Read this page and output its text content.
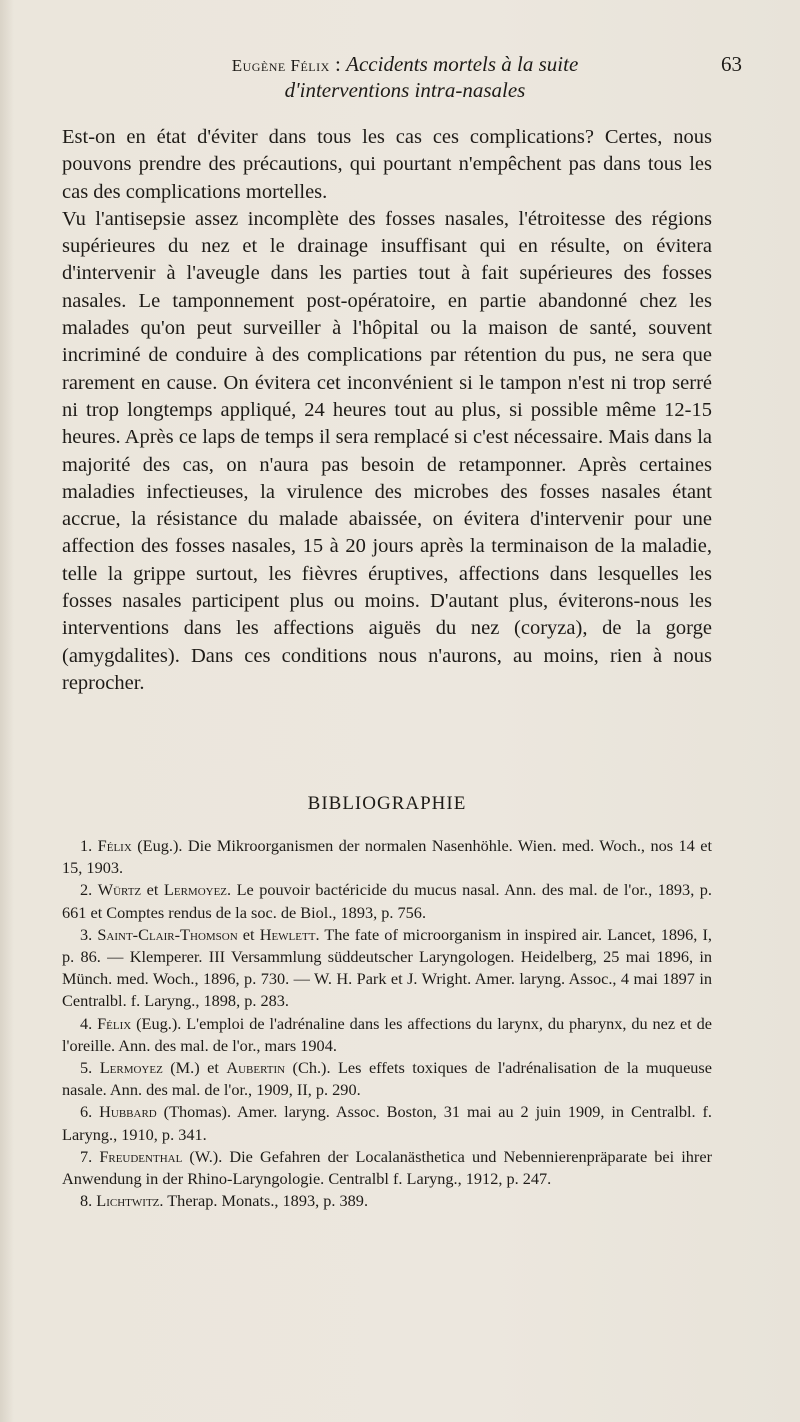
Eugène Félix : Accidents mortels à la suite	63
d'interventions intra-nasales

Est-on en état d'éviter dans tous les cas ces complications? Certes, nous pouvons prendre des précautions, qui pourtant n'empêchent pas dans tous les cas des complications mortelles.

Vu l'antisepsie assez incomplète des fosses nasales, l'étroitesse des régions supérieures du nez et le drainage insuffisant qui en résulte, on évitera d'intervenir à l'aveugle dans les parties tout à fait supérieures des fosses nasales. Le tamponnement post-opératoire, en partie abandonné chez les malades qu'on peut surveiller à l'hôpital ou la maison de santé, souvent incriminé de conduire à des complications par rétention du pus, ne sera que rarement en cause. On évitera cet inconvénient si le tampon n'est ni trop serré ni trop longtemps appliqué, 24 heures tout au plus, si possible même 12-15 heures. Après ce laps de temps il sera remplacé si c'est nécessaire. Mais dans la majorité des cas, on n'aura pas besoin de retamponner. Après certaines maladies infectieuses, la virulence des microbes des fosses nasales étant accrue, la résistance du malade abaissée, on évitera d'intervenir pour une affection des fosses nasales, 15 à 20 jours après la terminaison de la maladie, telle la grippe surtout, les fièvres éruptives, affections dans lesquelles les fosses nasales participent plus ou moins. D'autant plus, éviterons-nous les interventions dans les affections aiguës du nez (coryza), de la gorge (amygdalites). Dans ces conditions nous n'aurons, au moins, rien à nous reprocher.

BIBLIOGRAPHIE
1. Félix (Eug.). Die Mikroorganismen der normalen Nasenhöhle. Wien. med. Woch., nos 14 et 15, 1903.
2. Würtz et Lermoyez. Le pouvoir bactéricide du mucus nasal. Ann. des mal. de l'or., 1893, p. 661 et Comptes rendus de la soc. de Biol., 1893, p. 756.
3. Saint-Clair-Thomson et Hewlett. The fate of microorganism in inspired air. Lancet, 1896, I, p. 86. — Klemperer. III Versammlung süddeutscher Laryngologen. Heidelberg, 25 mai 1896, in Münch. med. Woch., 1896, p. 730. — W. H. Park et J. Wright. Amer. laryng. Assoc., 4 mai 1897 in Centralbl. f. Laryng., 1898, p. 283.
4. Félix (Eug.). L'emploi de l'adrénaline dans les affections du larynx, du pharynx, du nez et de l'oreille. Ann. des mal. de l'or., mars 1904.
5. Lermoyez (M.) et Aubertin (Ch.). Les effets toxiques de l'adrénalisation de la muqueuse nasale. Ann. des mal. de l'or., 1909, II, p. 290.
6. Hubbard (Thomas). Amer. laryng. Assoc. Boston, 31 mai au 2 juin 1909, in Centralbl. f. Laryng., 1910, p. 341.
7. Freudenthal (W.). Die Gefahren der Localanästhetica und Nebennierenpräparate bei ihrer Anwendung in der Rhino-Laryngologie. Centralbl f. Laryng., 1912, p. 247.
8. Lichtwitz. Therap. Monats., 1893, p. 389.
